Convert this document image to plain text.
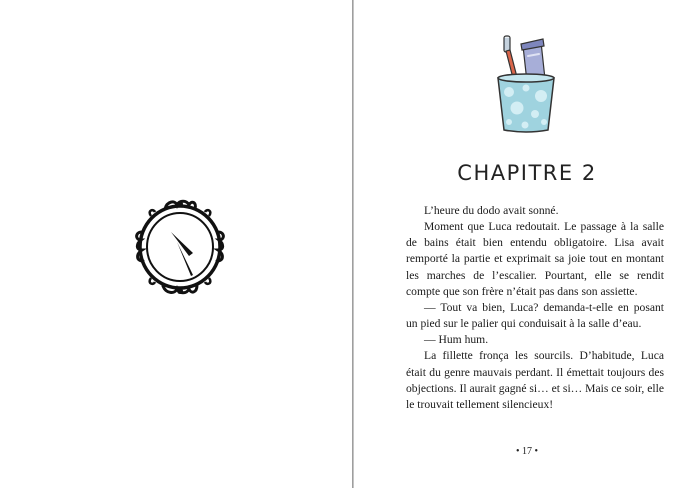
CHAPITRE 2

L’heure du dodo avait sonné.

Moment que Luca redoutait. Le passage à la salle de bains était bien entendu obligatoire. Lisa avait remporté la partie et exprimait sa joie tout en montant les marches de l’escalier. Pourtant, elle se rendit compte que son frère n’était pas dans son assiette.

— Tout va bien, Luca? demanda-t-elle en posant un pied sur le palier qui conduisait à la salle d’eau.

— Hum hum.

La fillette fronça les sourcils. D’habitude, Luca était du genre mauvais perdant. Il émettait toujours des objections. Il aurait gagné si… et si… Mais ce soir, elle le trouvait tellement silencieux!

• 17 •
